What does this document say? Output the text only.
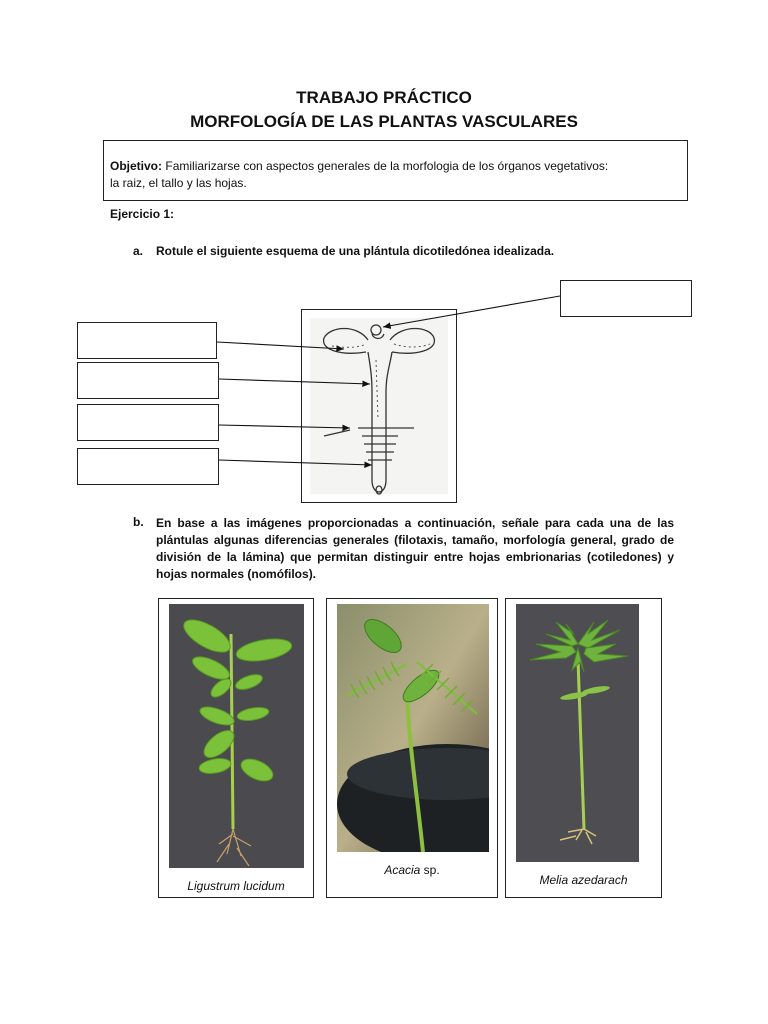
TRABAJO PRÁCTICO
MORFOLOGÍA DE LAS PLANTAS VASCULARES
Objetivo: Familiarizarse con aspectos generales de la morfologia de los órganos vegetativos:
la raiz, el tallo y las hojas.
Ejercicio 1:
a. Rotule el siguiente esquema de una plántula dicotiledónea idealizada.
b. En base a las imágenes proporcionadas a continuación, señale para cada una de las plántulas algunas diferencias generales (filotaxis, tamaño, morfología general, grado de división de la lámina) que permitan distinguir entre hojas embrionarias (cotiledones) y hojas normales (nomófilos).
Ligustrum lucidum
Acacia sp.
Melia azedarach
